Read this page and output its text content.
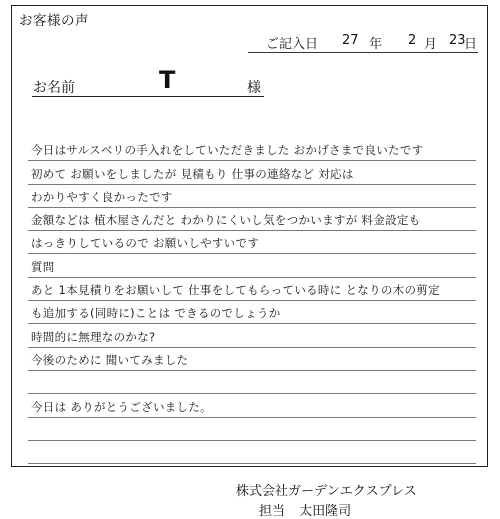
お客様の声
ご記入日 27 年 2 月 23
日
お名前	T	様
今日はサルスベリの手入れをしていただきました おかげさまで良いたです
初めて お願いをしましたが 見積もり 仕事の連絡など 対応は
わかりやすく良かったです
金額などは 植木屋さんだと わかりにくいし気をつかいますが 料金設定も
はっきりしているので お願いしやすいです
質問
あと 1本見積りをお願いして 仕事をしてもらっている時に となりの木の剪定
も追加する(同時に)ことは できるのでしょうか
時間的に無理なのかな?
今後のために 聞いてみました
今日は ありがとうございました。
株式会社ガーデンエクスプレス
担当 太田隆司
